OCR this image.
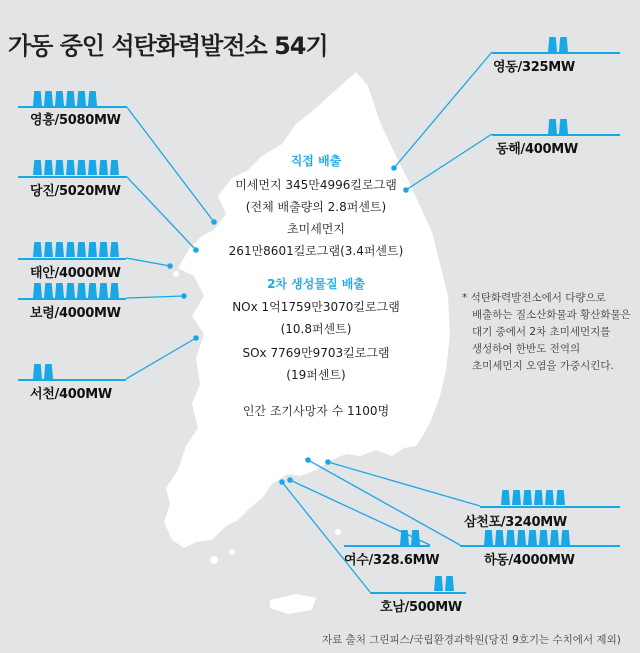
가동 중인 석탄화력발전소 54기
영흥/5080MW
당진/5020MW
태안/4000MW
보령/4000MW
서천/400MW
영동/325MW
동해/400MW
삼천포/3240MW
하동/4000MW
여수/328.6MW
호남/500MW
직접 배출
미세먼지 345만4996킬로그램
(전체 배출량의 2.8퍼센트)
초미세먼지
261만8601킬로그램(3.4퍼센트)
2차 생성물질 배출
NOx 1억1759만3070킬로그램
(10.8퍼센트)
SOx 7769만9703킬로그램
(19퍼센트)
인간 조기사망자 수 1100명
* 석탄화력발전소에서 다량으로
배출하는 질소산화물과 황산화물은
대기 중에서 2차 초미세먼지를
생성하여 한반도 전역의
초미세먼지 오염을 가중시킨다.
자료 출처 그린피스/국립환경과학원(당진 9호기는 수치에서 제외)
